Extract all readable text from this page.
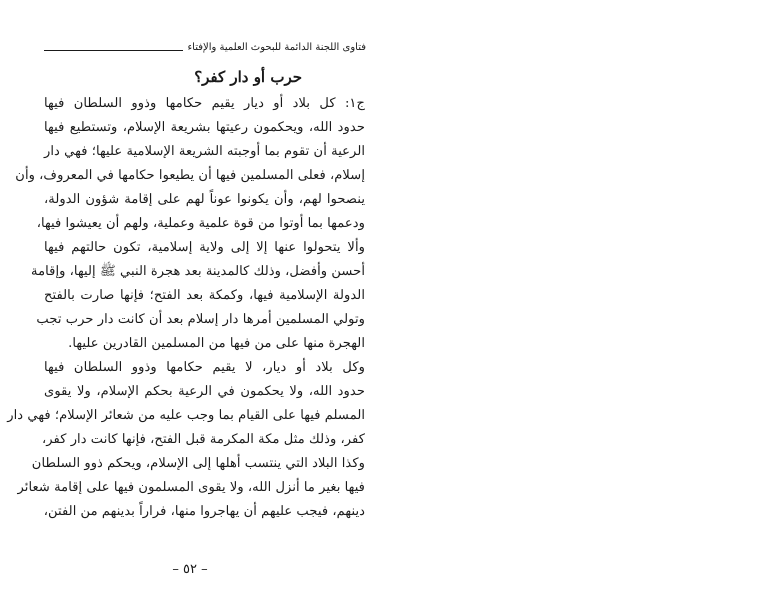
فتاوى اللجنة الدائمة للبحوث العلمية والإفتاء
حرب أو دار كفر؟
ج١: كل بلاد أو ديار يقيم حكامها وذوو السلطان فيها
حدود الله، ويحكمون رعيتها بشريعة الإسلام، وتستطيع فيها
الرعية أن تقوم بما أوجبته الشريعة الإسلامية عليها؛ فهي دار
إسلام، فعلى المسلمين فيها أن يطيعوا حكامها في المعروف، وأن
ينصحوا لهم، وأن يكونوا عوناً لهم على إقامة شؤون الدولة،
ودعمها بما أوتوا من قوة علمية وعملية، ولهم أن يعيشوا فيها،
وألا يتحولوا عنها إلا إلى ولاية إسلامية، تكون حالتهم فيها
أحسن وأفضل، وذلك كالمدينة بعد هجرة النبي ﷺ إليها، وإقامة
الدولة الإسلامية فيها، وكمكة بعد الفتح؛ فإنها صارت بالفتح
وتولي المسلمين أمرها دار إسلام بعد أن كانت دار حرب تجب
الهجرة منها على من فيها من المسلمين القادرين عليها.
وكل بلاد أو ديار، لا يقيم حكامها وذوو السلطان فيها
حدود الله، ولا يحكمون في الرعية بحكم الإسلام، ولا يقوى
المسلم فيها على القيام بما وجب عليه من شعائر الإسلام؛ فهي دار
كفر، وذلك مثل مكة المكرمة قبل الفتح، فإنها كانت دار كفر،
وكذا البلاد التي ينتسب أهلها إلى الإسلام، ويحكم ذوو السلطان
فيها بغير ما أنزل الله، ولا يقوى المسلمون فيها على إقامة شعائر
دينهم، فيجب عليهم أن يهاجروا منها، فراراً بدينهم من الفتن،
– ٥٢ –
